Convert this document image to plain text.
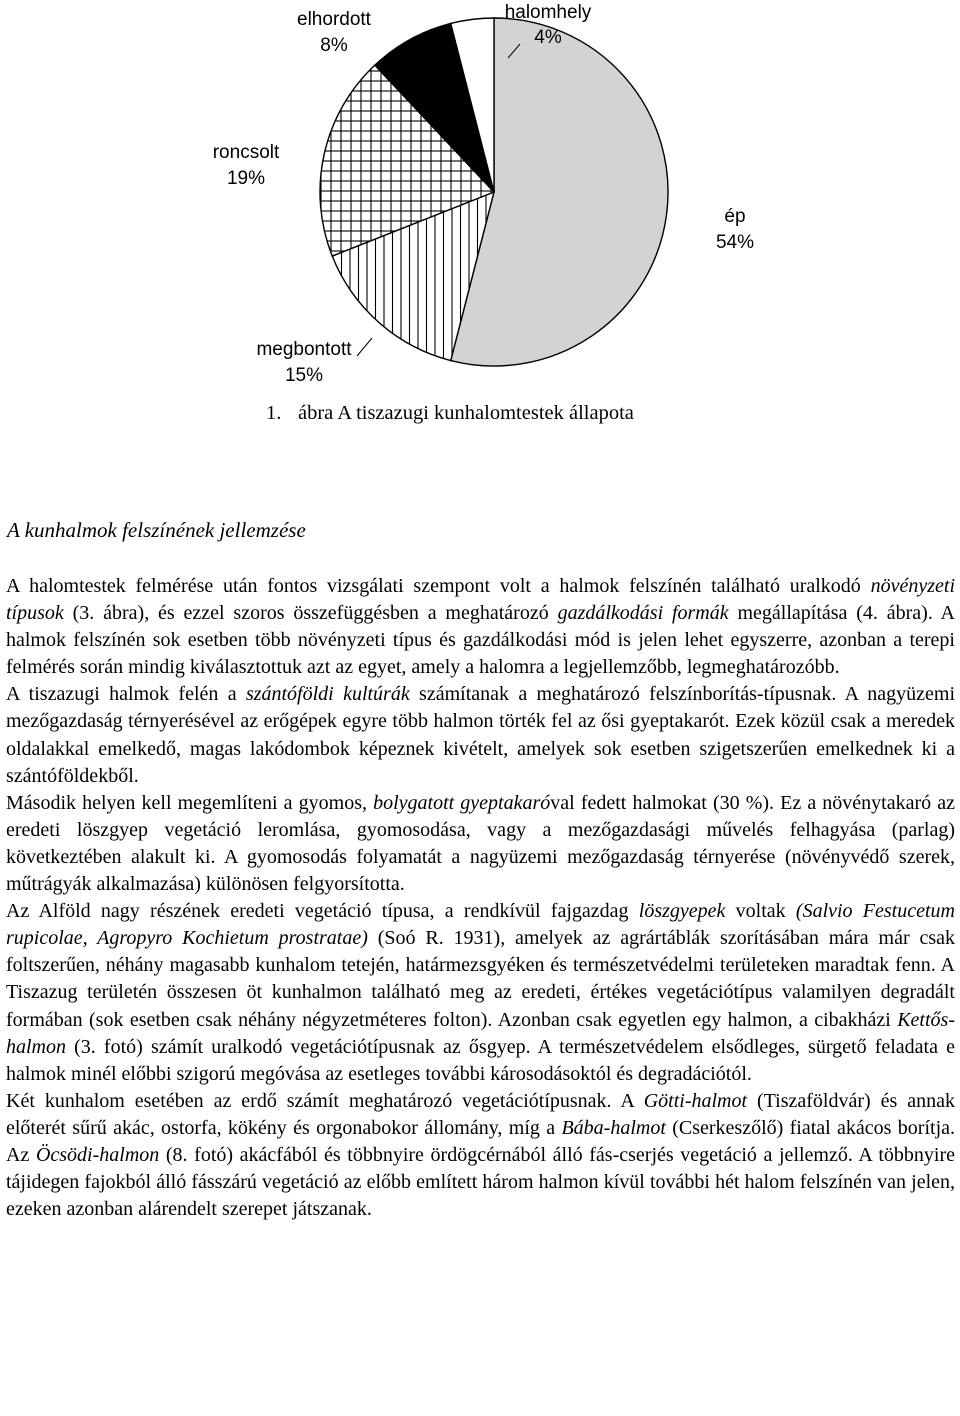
halomhely
4%
elhordott
8%
roncsolt
19%
ép
54%
megbontott
15%
1. ábra A tiszazugi kunhalomtestek állapota
A kunhalmok felszínének jellemzése

A halomtestek felmérése után fontos vizsgálati szempont volt a halmok felszínén található uralkodó növényzeti típusok (3. ábra), és ezzel szoros összefüggésben a meghatározó gazdálkodási formák megállapítása (4. ábra). A halmok felszínén sok esetben több növényzeti típus és gazdálkodási mód is jelen lehet egyszerre, azonban a terepi felmérés során mindig kiválasztottuk azt az egyet, amely a halomra a legjellemzőbb, legmeghatározóbb.

A tiszazugi halmok felén a szántóföldi kultúrák számítanak a meghatározó felszínborítás-típusnak. A nagyüzemi mezőgazdaság térnyerésével az erőgépek egyre több halmon törték fel az ősi gyeptakarót. Ezek közül csak a meredek oldalakkal emelkedő, magas lakódombok képeznek kivételt, amelyek sok esetben szigetszerűen emelkednek ki a szántóföldekből.

Második helyen kell megemlíteni a gyomos, bolygatott gyeptakaróval fedett halmokat (30 %). Ez a növénytakaró az eredeti löszgyep vegetáció leromlása, gyomosodása, vagy a mezőgazdasági művelés felhagyása (parlag) következtében alakult ki. A gyomosodás folyamatát a nagyüzemi mezőgazdaság térnyerése (növényvédő szerek, műtrágyák alkalmazása) különösen felgyorsította.

Az Alföld nagy részének eredeti vegetáció típusa, a rendkívül fajgazdag löszgyepek voltak (Salvio Festucetum rupicolae, Agropyro Kochietum prostratae) (Soó R. 1931), amelyek az agrártáblák szorításában mára már csak foltszerűen, néhány magasabb kunhalom tetején, határmezsgyéken és természetvédelmi területeken maradtak fenn. A Tiszazug területén összesen öt kunhalmon található meg az eredeti, értékes vegetációtípus valamilyen degradált formában (sok esetben csak néhány négyzetméteres folton). Azonban csak egyetlen egy halmon, a cibakházi Kettős-halmon (3. fotó) számít uralkodó vegetációtípusnak az ősgyep. A természetvédelem elsődleges, sürgető feladata e halmok minél előbbi szigorú megóvása az esetleges további károsodásoktól és degradációtól.

Két kunhalom esetében az erdő számít meghatározó vegetációtípusnak. A Götti-halmot (Tiszaföldvár) és annak előterét sűrű akác, ostorfa, kökény és orgonabokor állomány, míg a Bába-halmot (Cserkeszőlő) fiatal akácos borítja. Az Öcsödi-halmon (8. fotó) akácfából és többnyire ördögcérnából álló fás-cserjés vegetáció a jellemző. A többnyire tájidegen fajokból álló fásszárú vegetáció az előbb említett három halmon kívül további hét halom felszínén van jelen, ezeken azonban alárendelt szerepet játszanak.
